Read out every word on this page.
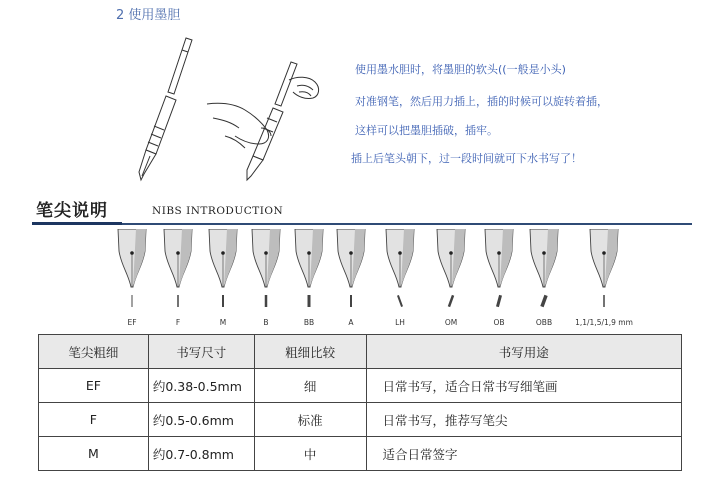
2 使用墨胆
使用墨水胆时，将墨胆的软头((一般是小头)
对准钢笔，然后用力插上，插的时候可以旋转着插，
这样可以把墨胆插破，插牢。
插上后笔头朝下，过一段时间就可下水书写了！
笔尖说明	NIBS INTRODUCTION
EF	F	M	B	BB	A	LH	OM	OB	OBB	1,1/1,5/1,9 mm
笔尖粗细	书写尺寸	粗细比较	书写用途
EF	约0.38-0.5mm	细	日常书写，适合日常书写细笔画
F	约0.5-0.6mm	标准	日常书写，推荐写笔尖
M	约0.7-0.8mm	中	适合日常签字
